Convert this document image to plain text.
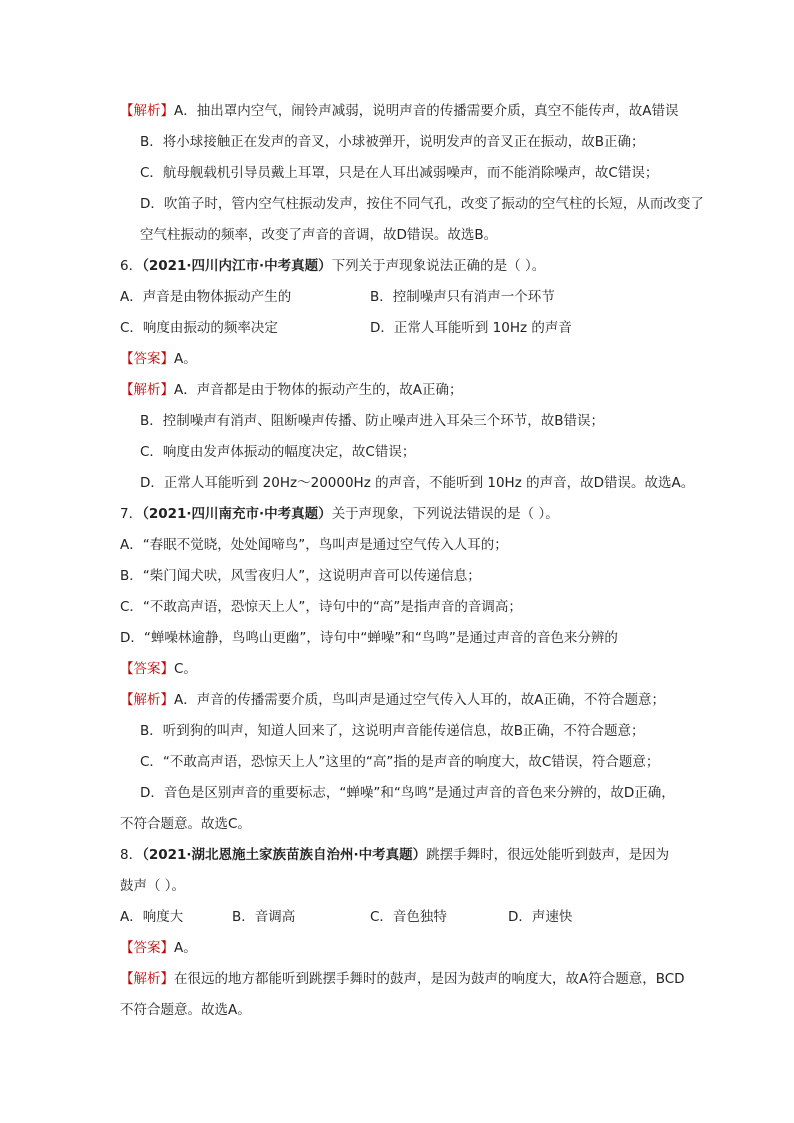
【解析】A．抽出罩内空气，闹铃声减弱，说明声音的传播需要介质，真空不能传声，故A错误
B．将小球接触正在发声的音叉，小球被弹开，说明发声的音叉正在振动，故B正确；
C．航母舰载机引导员戴上耳罩，只是在人耳出减弱噪声，而不能消除噪声，故C错误；
D．吹笛子时，管内空气柱振动发声，按住不同气孔，改变了振动的空气柱的长短，从而改变了
空气柱振动的频率，改变了声音的音调，故D错误。故选B。
6．（2021·四川内江市·中考真题）下列关于声现象说法正确的是（ ）。
A．声音是由物体振动产生的	B．控制噪声只有消声一个环节
C．响度由振动的频率决定	D．正常人耳能听到 10Hz 的声音
【答案】A。
【解析】A．声音都是由于物体的振动产生的，故A正确；
B．控制噪声有消声、阻断噪声传播、防止噪声进入耳朵三个环节，故B错误；
C．响度由发声体振动的幅度决定，故C错误；
D．正常人耳能听到 20Hz～20000Hz 的声音，不能听到 10Hz 的声音，故D错误。故选A。
7．（2021·四川南充市·中考真题）关于声现象，下列说法错误的是（ ）。
A．“春眠不觉晓，处处闻啼鸟”，鸟叫声是通过空气传入人耳的；
B．“柴门闻犬吠，风雪夜归人”，这说明声音可以传递信息；
C．“不敢高声语，恐惊天上人”，诗句中的“高”是指声音的音调高；
D．“蝉噪林逾静，鸟鸣山更幽”，诗句中“蝉噪”和“鸟鸣”是通过声音的音色来分辨的
【答案】C。
【解析】A．声音的传播需要介质，鸟叫声是通过空气传入人耳的，故A正确，不符合题意；
B．听到狗的叫声，知道人回来了，这说明声音能传递信息，故B正确，不符合题意；
C．“不敢高声语，恐惊天上人”这里的“高”指的是声音的响度大，故C错误，符合题意；
D．音色是区别声音的重要标志，“蝉噪”和“鸟鸣”是通过声音的音色来分辨的，故D正确，
不符合题意。故选C。
8．（2021·湖北恩施土家族苗族自治州·中考真题）跳摆手舞时，很远处能听到鼓声，是因为
鼓声（ ）。
A．响度大	B．音调高	C．音色独特	D．声速快
【答案】A。
【解析】在很远的地方都能听到跳摆手舞时的鼓声，是因为鼓声的响度大，故A符合题意，BCD
不符合题意。故选A。
